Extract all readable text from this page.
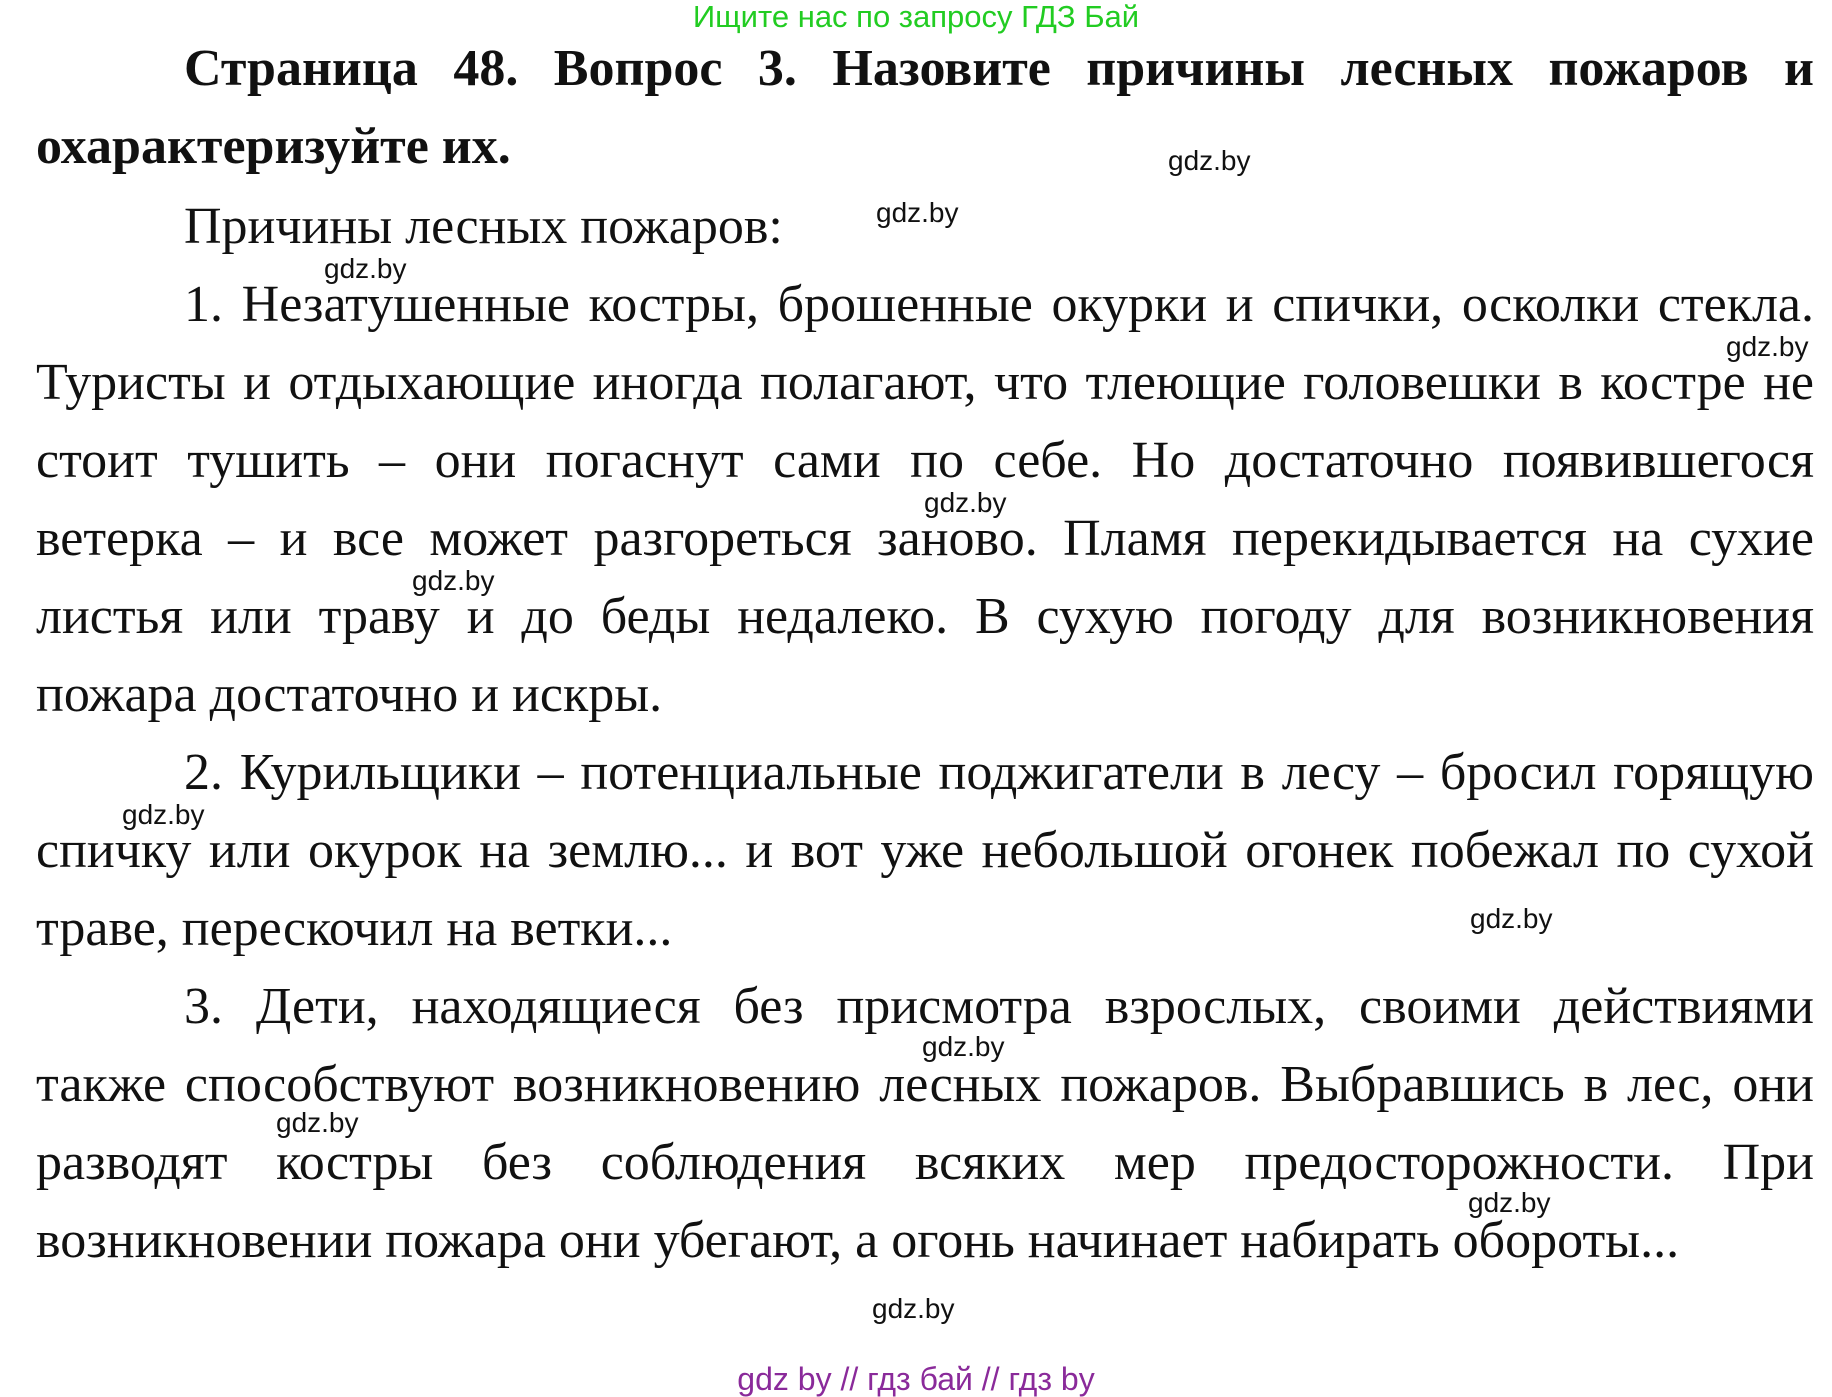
Ищите нас по запросу ГДЗ Бай
Страница 48. Вопрос 3. Назовите причины лесных пожаров и охарактеризуйте их.
Причины лесных пожаров:
1. Незатушенные костры, брошенные окурки и спички, осколки стекла. Туристы и отдыхающие иногда полагают, что тлеющие головешки в костре не стоит тушить – они погаснут сами по себе. Но достаточно появившегося ветерка – и все может разгореться заново. Пламя перекидывается на сухие листья или траву и до беды недалеко. В сухую погоду для возникновения пожара достаточно и искры.
2. Курильщики – потенциальные поджигатели в лесу – бросил горящую спичку или окурок на землю... и вот уже небольшой огонек побежал по сухой траве, перескочил на ветки...
3. Дети, находящиеся без присмотра взрослых, своими действиями также способствуют возникновению лесных пожаров. Выбравшись в лес, они разводят костры без соблюдения всяких мер предосторожности. При возникновении пожара они убегают, а огонь начинает набирать обороты...
gdz.by
gdz.by
gdz.by
gdz.by
gdz.by
gdz.by
gdz.by
gdz.by
gdz.by
gdz.by
gdz.by
gdz.by
gdz by // гдз бай // гдз by
